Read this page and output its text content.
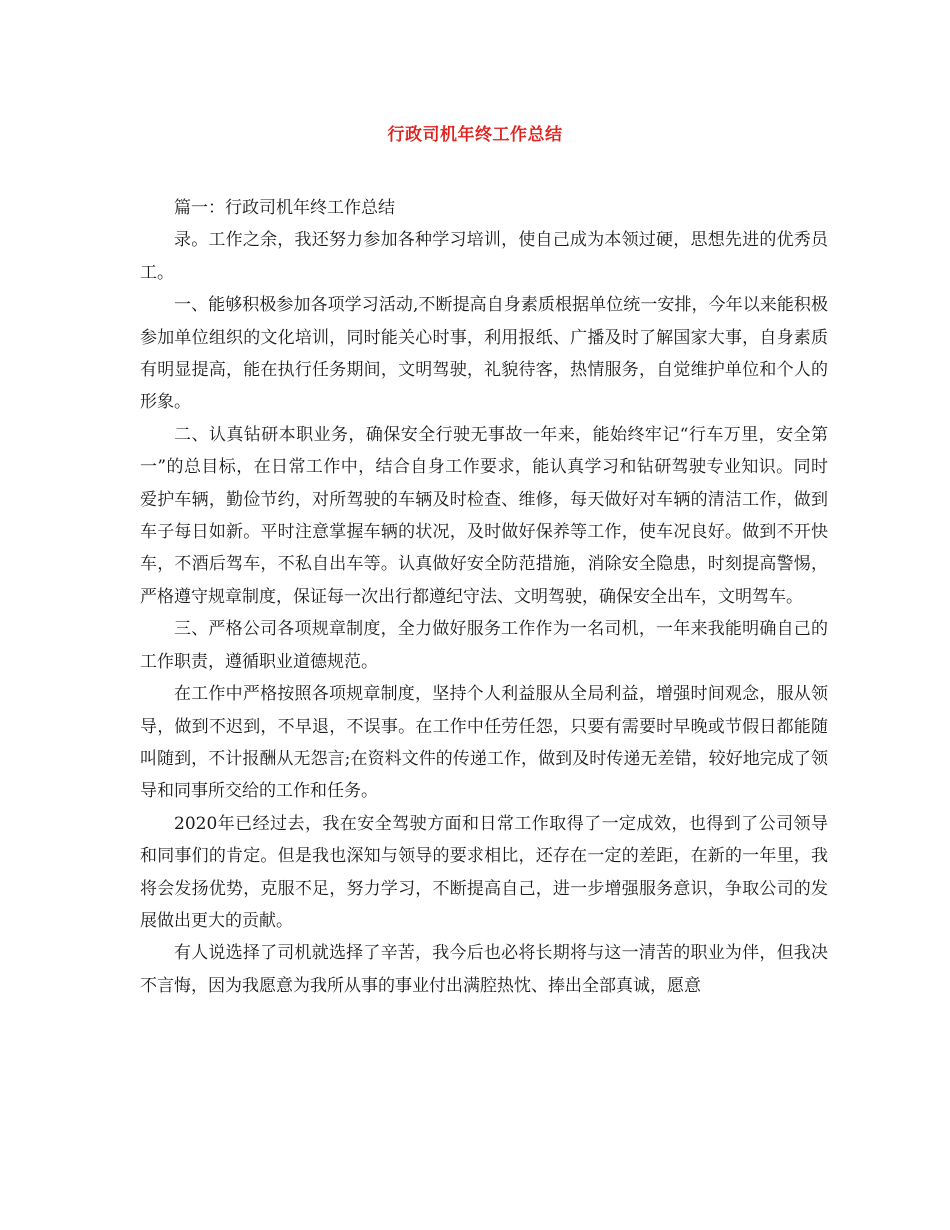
行政司机年终工作总结

篇一：行政司机年终工作总结

录。工作之余，我还努力参加各种学习培训，使自己成为本领过硬，思想先进的优秀员工。

一、能够积极参加各项学习活动,不断提高自身素质根据单位统一安排，今年以来能积极参加单位组织的文化培训，同时能关心时事，利用报纸、广播及时了解国家大事，自身素质有明显提高，能在执行任务期间，文明驾驶，礼貌待客，热情服务，自觉维护单位和个人的形象。

二、认真钻研本职业务，确保安全行驶无事故一年来，能始终牢记“行车万里，安全第一”的总目标，在日常工作中，结合自身工作要求，能认真学习和钻研驾驶专业知识。同时爱护车辆，勤俭节约，对所驾驶的车辆及时检查、维修，每天做好对车辆的清洁工作，做到车子每日如新。平时注意掌握车辆的状况，及时做好保养等工作，使车况良好。做到不开快车，不酒后驾车，不私自出车等。认真做好安全防范措施，消除安全隐患，时刻提高警惕，严格遵守规章制度，保证每一次出行都遵纪守法、文明驾驶，确保安全出车，文明驾车。

三、严格公司各项规章制度，全力做好服务工作作为一名司机，一年来我能明确自己的工作职责，遵循职业道德规范。

在工作中严格按照各项规章制度，坚持个人利益服从全局利益，增强时间观念，服从领导，做到不迟到，不早退，不误事。在工作中任劳任怨，只要有需要时早晚或节假日都能随叫随到，不计报酬从无怨言;在资料文件的传递工作，做到及时传递无差错，较好地完成了领导和同事所交给的工作和任务。

2020年已经过去，我在安全驾驶方面和日常工作取得了一定成效，也得到了公司领导和同事们的肯定。但是我也深知与领导的要求相比，还存在一定的差距，在新的一年里，我将会发扬优势，克服不足，努力学习，不断提高自己，进一步增强服务意识，争取公司的发展做出更大的贡献。

有人说选择了司机就选择了辛苦，我今后也必将长期将与这一清苦的职业为伴，但我决不言悔，因为我愿意为我所从事的事业付出满腔热忱、捧出全部真诚，愿意
